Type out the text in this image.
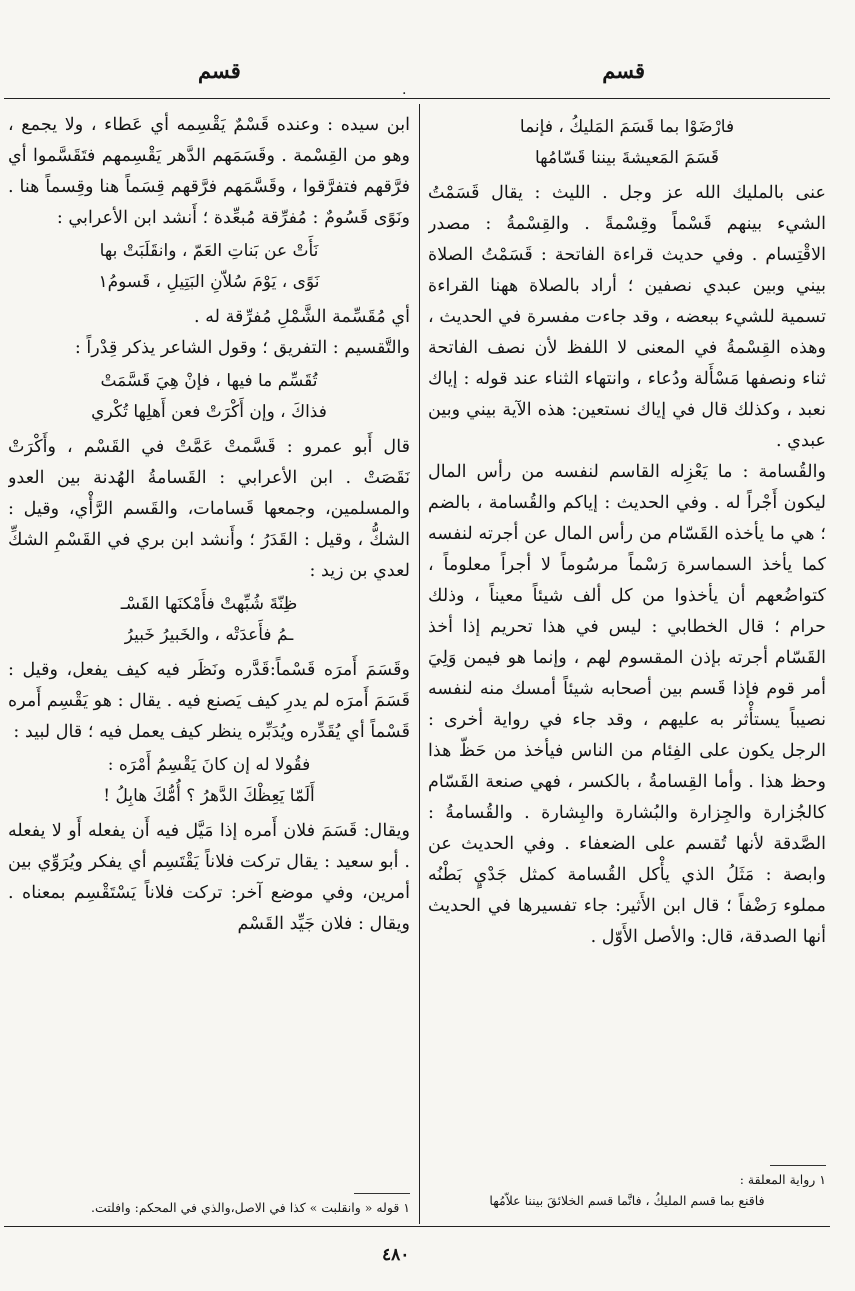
قسم
قسم
.
فارْضَوْا بما قَسَمَ المَليكُ ، فإنما
قَسَمَ المَعيشةَ بيننا قَسّامُها

عنى بالمليك الله عز وجل . الليث : يقال قَسَمْتُ الشيء بينهم قَسْماً وقِسْمةً . والقِسْمةُ : مصدر الاقْتِسام . وفي حديث قراءة الفاتحة : قَسَمْتُ الصلاة بيني وبين عبدي نصفين ؛ أراد بالصلاة ههنا القراءة تسمية للشيء ببعضه ، وقد جاءت مفسرة في الحديث ، وهذه القِسْمةُ في المعنى لا اللفظ لأن نصف الفاتحة ثناء ونصفها مَسْأَلة ودُعاء ، وانتهاء الثناء عند قوله : إياك نعبد ، وكذلك قال في إياك نستعين: هذه الآية بيني وبين عبدي .

والقُسامة : ما يَعْزِله القاسم لنفسه من رأس المال ليكون أَجْراً له . وفي الحديث : إياكم والقُسامة ، بالضم ؛ هي ما يأخذه القَسّام من رأس المال عن أجرته لنفسه كما يأخذ السماسرة رَسْماً مرسُوماً لا أجراً معلوماً ، كتواضُعهم أن يأخذوا من كل ألف شيئاً معيناً ، وذلك حرام ؛ قال الخطابي : ليس في هذا تحريم إذا أخذ القَسّام أجرته بإذن المقسوم لهم ، وإنما هو فيمن وَلِيَ أمر قوم فإذا قَسم بين أصحابه شيئاً أمسك منه لنفسه نصيباً يستأْثر به عليهم ، وقد جاء في رواية أخرى : الرجل يكون على الفِئام من الناس فيأخذ من حَظّ هذا وحظ هذا . وأما القِسامةُ ، بالكسر ، فهي صنعة القَسّام كالجُزارة والجِزارة والبُشارة والبِشارة . والقُسامةُ : الصَّدقة لأنها تُقسم على الضعفاء . وفي الحديث عن وابصة : مَثَلُ الذي يأْكل القُسامة كمثل جَدْيٍ بَطْنُه مملوء رَضْفاً ؛ قال ابن الأَثير: جاء تفسيرها في الحديث أنها الصدقة، قال: والأصل الأَوّل .

١ رواية المعلقة :
فاقنع بما قسم المليكُ ، فانَّما قسم الخلائقَ بيننا علاّمُها

ابن سيده : وعنده قَسْمٌ يَقْسِمه أي عَطاء ، ولا يجمع ، وهو من القِسْمة . وقَسَمَهم الدَّهر يَقْسِمهم فتَقَسَّموا أي فرَّقهم فتفرَّقوا ، وقَسَّمَهم فرَّقهم قِسَماً هنا وقِسماً هنا . ونَوًى قَسُومٌ : مُفرِّقة مُبعِّدة ؛ أَنشد ابن الأعرابي :

نَأَتْ عن بَناتِ العَمّ ، وانقَلَبَتْ بها
نَوًى ، يَوْمَ سُلاّنِ البَتِيلِ ، قَسومُ١

أي مُقَسِّمة الشَّمْلِ مُفرِّقة له .

والتَّقسيم : التفريق ؛ وقول الشاعر يذكر قِدْراً :

تُقَسِّم ما فيها ، فإنْ هِيَ قَسَّمَتْ
فذاكَ ، وإن أَكْرَتْ فعن أَهلِها تُكْري

قال أَبو عمرو : قَسَّمتْ عَمَّتْ في القَسْم ، وأَكْرَتْ نَقَصَتْ . ابن الأعرابي : القَسامةُ الهُدنة بين العدو والمسلمين، وجمعها قَسامات، والقَسم الرَّأْي، وقيل : الشكُّ ، وقيل : القَدَرُ ؛ وأَنشد ابن بري في القَسْمِ الشكِّ لعدي بن زيد :

ظِنّةَ شُبِّهتْ فأَمْكنَها القَسْـ
ـمُ فأَعدَتْه ، والخَبيرُ خَبيرُ

وقَسَمَ أَمرَه قَسْماً:قَدَّره ونَظَر فيه كيف يفعل، وقيل : قَسَمَ أَمرَه لم يدرِ كيف يَصنع فيه . يقال : هو يَقْسِم أَمره قَسْماً أي يُقَدِّره ويُدَبِّره ينظر كيف يعمل فيه ؛ قال لبيد :

فقُولا له إن كانَ يَقْسِمُ أَمْرَه :
أَلَمّا يَعِظْكَ الدَّهرُ ؟ أُمُّكَ هابِلُ !

ويقال: قَسَمَ فلان أَمره إذا مَيَّل فيه أَن يفعله أَو لا يفعله . أبو سعيد : يقال تركت فلاناً يَقْتَسِم أي يفكر ويُرَوِّي بين أمرين، وفي موضع آخر: تركت فلاناً يَسْتَقْسِم بمعناه . ويقال : فلان جَيِّد القَسْم

١ قوله « وانقلبت » كذا في الاصل،والذي في المحكم: وافلتت.
٤٨٠
